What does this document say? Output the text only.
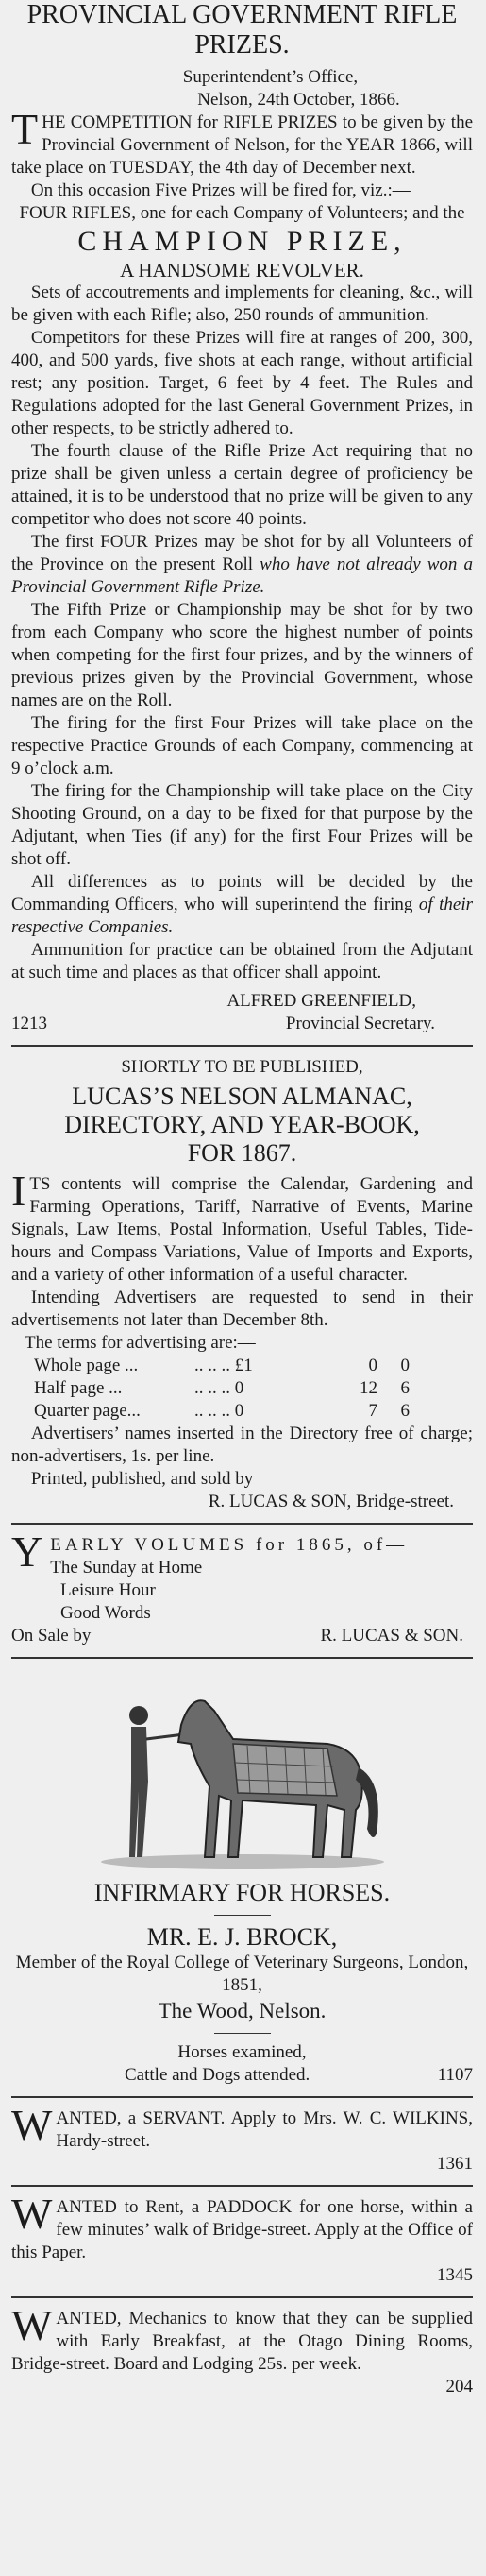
PROVINCIAL GOVERNMENT RIFLE PRIZES.
Superintendent’s Office,
Nelson, 24th October, 1866.

THE COMPETITION for RIFLE PRIZES to be given by the Provincial Government of Nelson, for the YEAR 1866, will take place on TUESDAY, the 4th day of December next.

On this occasion Five Prizes will be fired for, viz.:—

FOUR RIFLES, one for each Company of Volunteers; and the
CHAMPION PRIZE,
A HANDSOME REVOLVER.

Sets of accoutrements and implements for cleaning, &c., will be given with each Rifle; also, 250 rounds of ammunition.

Competitors for these Prizes will fire at ranges of 200, 300, 400, and 500 yards, five shots at each range, without artificial rest; any position. Target, 6 feet by 4 feet. The Rules and Regulations adopted for the last General Government Prizes, in other respects, to be strictly adhered to.

The fourth clause of the Rifle Prize Act requiring that no prize shall be given unless a certain degree of proficiency be attained, it is to be understood that no prize will be given to any competitor who does not score 40 points.

The first FOUR Prizes may be shot for by all Volunteers of the Province on the present Roll who have not already won a Provincial Government Rifle Prize.

The Fifth Prize or Championship may be shot for by two from each Company who score the highest number of points when competing for the first four prizes, and by the winners of previous prizes given by the Provincial Government, whose names are on the Roll.

The firing for the first Four Prizes will take place on the respective Practice Grounds of each Company, commencing at 9 o’clock a.m.

The firing for the Championship will take place on the City Shooting Ground, on a day to be fixed for that purpose by the Adjutant, when Ties (if any) for the first Four Prizes will be shot off.

All differences as to points will be decided by the Commanding Officers, who will superintend the firing of their respective Companies.

Ammunition for practice can be obtained from the Adjutant at such time and places as that officer shall appoint.

ALFRED GREENFIELD,
1213	Provincial Secretary.
SHORTLY TO BE PUBLISHED,
LUCAS’S NELSON ALMANAC,
DIRECTORY, AND YEAR-BOOK,
FOR 1867.

ITS contents will comprise the Calendar, Gardening and Farming Operations, Tariff, Narrative of Events, Marine Signals, Law Items, Postal Information, Useful Tables, Tide-hours and Compass Variations, Value of Imports and Exports, and a variety of other information of a useful character.

Intending Advertisers are requested to send in their advertisements not later than December 8th.

The terms for advertising are:—
Whole page ...	.. .. .. £1	0	0
Half page ...	.. .. .. 0	12	6
Quarter page...	.. .. .. 0	7	6

Advertisers’ names inserted in the Directory free of charge; non-advertisers, 1s. per line.

Printed, published, and sold by
R. LUCAS & SON, Bridge-street.
YEARLY VOLUMES for 1865, of—
The Sunday at Home
Leisure Hour
Good Words
On Sale by	R. LUCAS & SON.
INFIRMARY FOR HORSES.
MR. E. J. BROCK,
Member of the Royal College of Veterinary Surgeons, London, 1851,
The Wood, Nelson.
Horses examined,
Cattle and Dogs attended.	1107

WANTED, a SERVANT. Apply to Mrs. W. C. WILKINS, Hardy-street.

1361

WANTED to Rent, a PADDOCK for one horse, within a few minutes’ walk of Bridge-street. Apply at the Office of this Paper.

1345

WANTED, Mechanics to know that they can be supplied with Early Breakfast, at the Otago Dining Rooms, Bridge-street. Board and Lodging 25s. per week.

204
